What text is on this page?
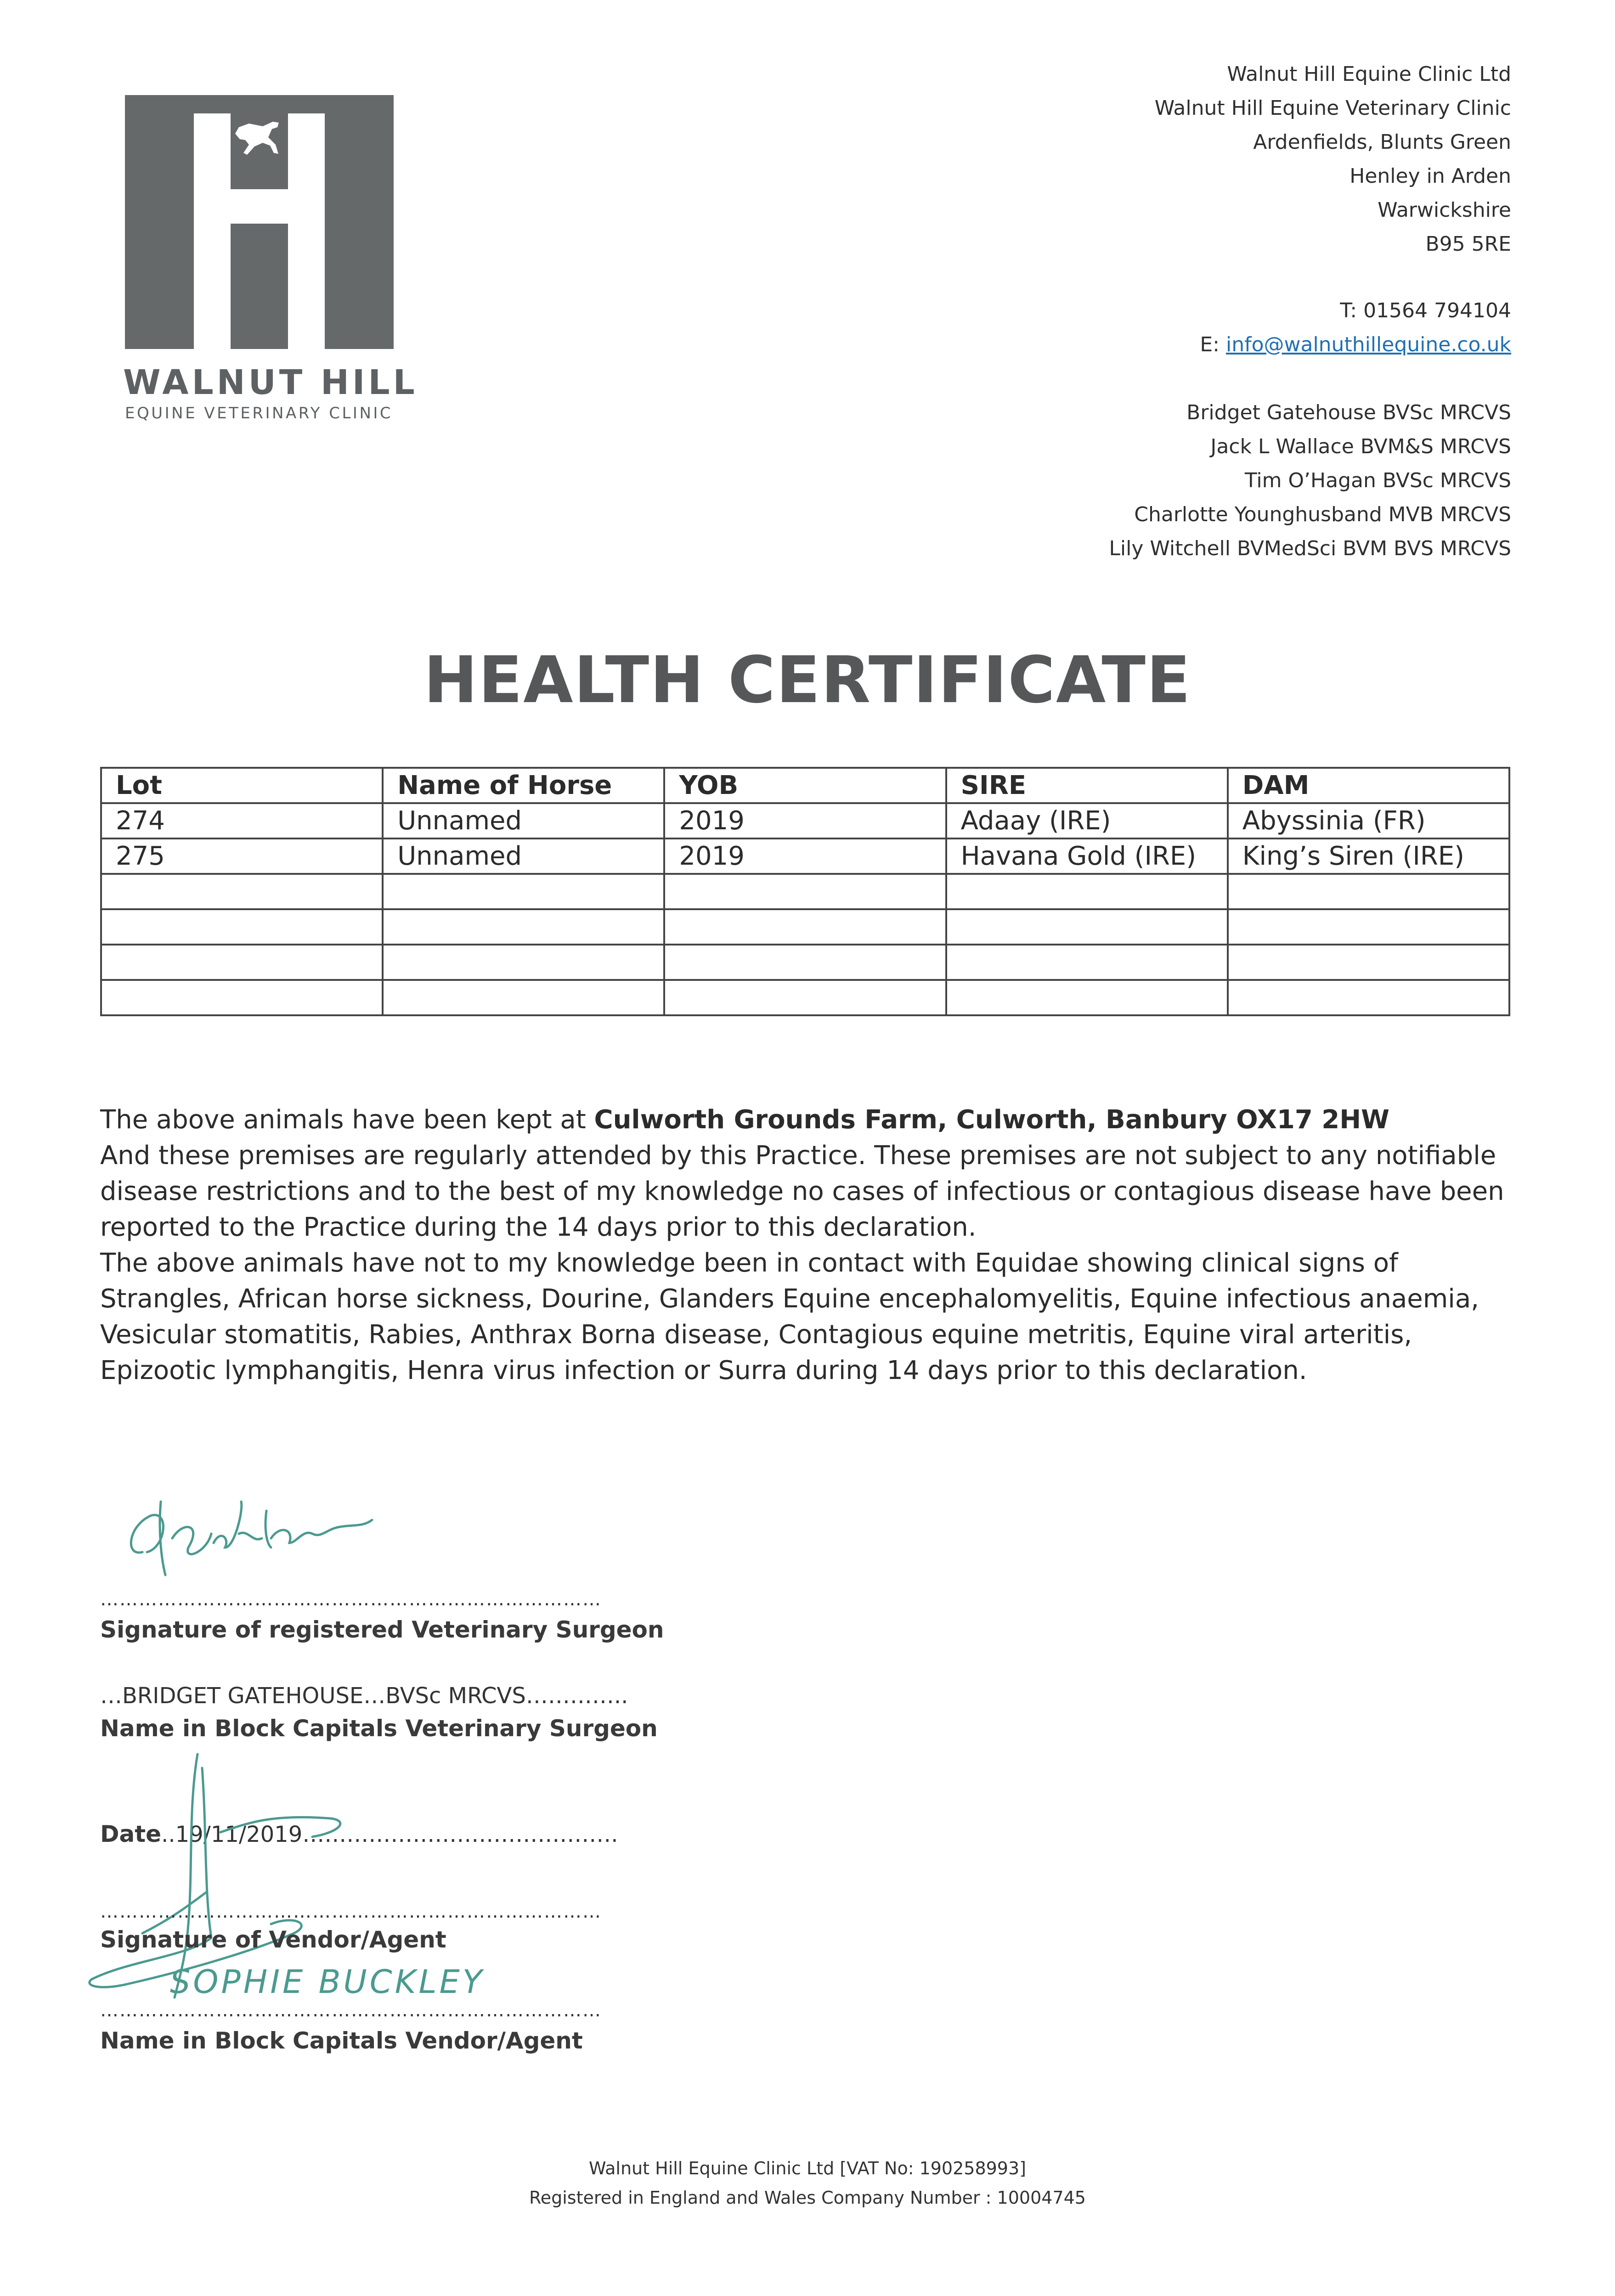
WALNUT HILL
EQUINE VETERINARY CLINIC
Walnut Hill Equine Clinic Ltd
Walnut Hill Equine Veterinary Clinic
Ardenfields, Blunts Green
Henley in Arden
Warwickshire
B95 5RE
T: 01564 794104
E: info@walnuthillequine.co.uk
Bridget Gatehouse BVSc MRCVS
Jack L Wallace BVM&S MRCVS
Tim O’Hagan BVSc MRCVS
Charlotte Younghusband MVB MRCVS
Lily Witchell BVMedSci BVM BVS MRCVS
HEALTH CERTIFICATE
Lot	Name of Horse	YOB	SIRE	DAM
274	Unnamed	2019	Adaay (IRE)	Abyssinia (FR)
275	Unnamed	2019	Havana Gold (IRE)	King’s Siren (IRE)

The above animals have been kept at Culworth Grounds Farm, Culworth, Banbury OX17 2HW

And these premises are regularly attended by this Practice. These premises are not subject to any notifiable disease restrictions and to the best of my knowledge no cases of infectious or contagious disease have been reported to the Practice during the 14 days prior to this declaration.

The above animals have not to my knowledge been in contact with Equidae showing clinical signs of Strangles, African horse sickness, Dourine, Glanders Equine encephalomyelitis, Equine infectious anaemia, Vesicular stomatitis, Rabies, Anthrax Borna disease, Contagious equine metritis, Equine viral arteritis, Epizootic lymphangitis, Henra virus infection or Surra during 14 days prior to this declaration.

……………………………………………………………………
Signature of registered Veterinary Surgeon
…BRIDGET GATEHOUSE…BVSc MRCVS…………..
Name in Block Capitals Veterinary Surgeon
Date..19/11/2019…………………………………….
……………………………………………………………………
Signature of Vendor/Agent
SOPHIE BUCKLEY
……………………………………………………………………
Name in Block Capitals Vendor/Agent
Walnut Hill Equine Clinic Ltd [VAT No: 190258993]
Registered in England and Wales Company Number : 10004745
